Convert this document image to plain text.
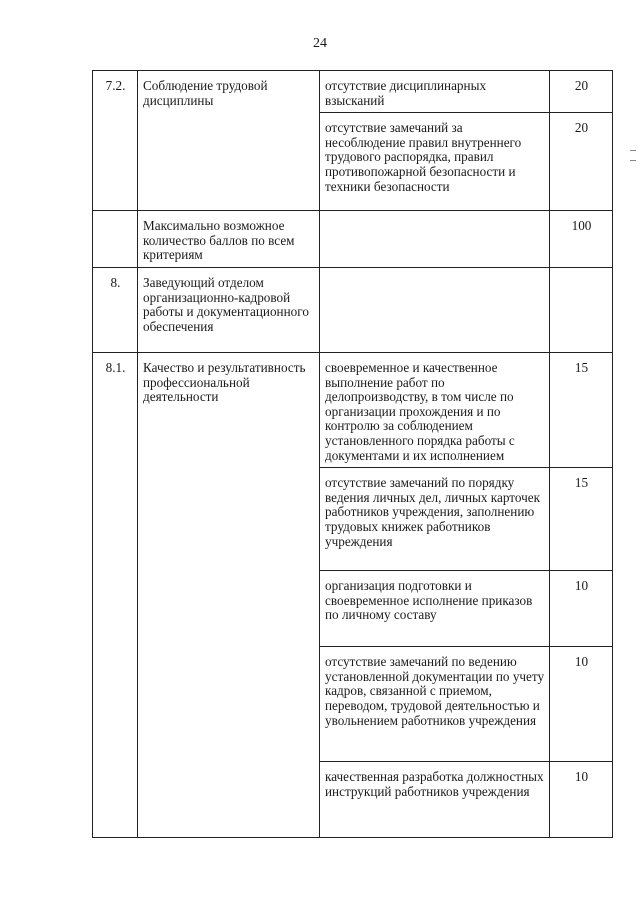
24
7.2.	Соблюдение трудовой дисциплины	отсутствие дисциплинарных взысканий	20
		отсутствие замечаний за несоблюдение правил внутреннего трудового распорядка, правил противопожарной безопасности и техники безопасности	20
	Максимально возможное количество баллов по всем критериям		100
8.	Заведующий отделом организационно-кадровой работы и документационного обеспечения		
8.1.	Качество и результативность профессиональной деятельности	своевременное и качественное выполнение работ по делопроизводству, в том числе по организации прохождения и по контролю за соблюдением установленного порядка работы с документами и их исполнением	15
		отсутствие замечаний по порядку ведения личных дел, личных карточек работников учреждения, заполнению трудовых книжек работников учреждения	15
		организация подготовки и своевременное исполнение приказов по личному составу	10
		отсутствие замечаний по ведению установленной документации по учету кадров, связанной с приемом, переводом, трудовой деятельностью и увольнением работников учреждения	10
		качественная разработка должностных инструкций работников учреждения	10
